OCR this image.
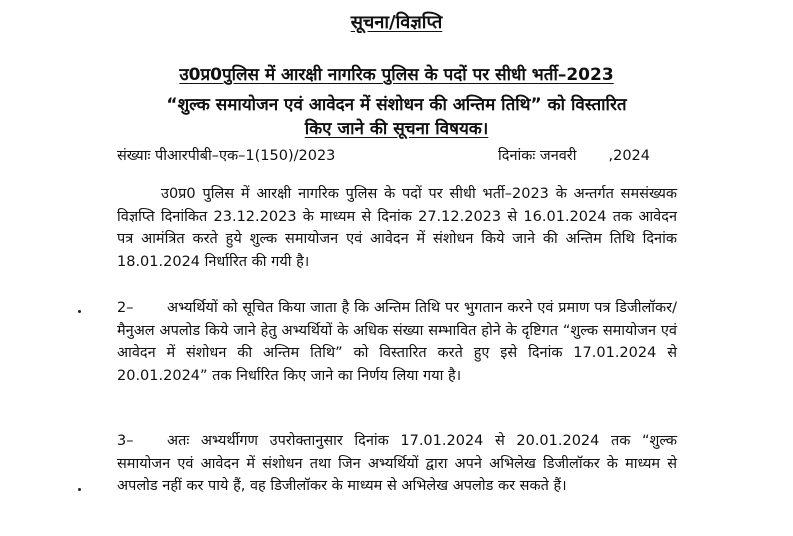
सूचना/विज्ञप्ति
उ0प्र0पुलिस में आरक्षी नागरिक पुलिस के पदों पर सीधी भर्ती–2023
“शुल्क समायोजन एवं आवेदन में संशोधन की अन्तिम तिथि” को विस्तारित
किए जाने की सूचना विषयक।
संख्याः पीआरपीबी–एक–1(150)/2023	दिनांकः जनवरी ,2024
उ0प्र0 पुलिस में आरक्षी नागरिक पुलिस के पदों पर सीधी भर्ती–2023 के अन्तर्गत समसंख्यक विज्ञप्ति दिनांकित 23.12.2023 के माध्यम से दिनांक 27.12.2023 से 16.01.2024 तक आवेदन पत्र आमंत्रित करते हुये शुल्क समायोजन एवं आवेदन में संशोधन किये जाने की अन्तिम तिथि दिनांक 18.01.2024 निर्धारित की गयी है।
2– अभ्यर्थियों को सूचित किया जाता है कि अन्तिम तिथि पर भुगतान करने एवं प्रमाण पत्र डिजीलॉकर/मैनुअल अपलोड किये जाने हेतु अभ्यर्थियों के अधिक संख्या सम्भावित होने के दृष्टिगत “शुल्क समायोजन एवं आवेदन में संशोधन की अन्तिम तिथि” को विस्तारित करते हुए इसे दिनांक 17.01.2024 से 20.01.2024” तक निर्धारित किए जाने का निर्णय लिया गया है।
3– अतः अभ्यर्थीगण उपरोक्तानुसार दिनांक 17.01.2024 से 20.01.2024 तक “शुल्क समायोजन एवं आवेदन में संशोधन तथा जिन अभ्यर्थियों द्वारा अपने अभिलेख डिजीलॉकर के माध्यम से अपलोड नहीं कर पाये हैं, वह डिजीलॉकर के माध्यम से अभिलेख अपलोड कर सकते हैं।
